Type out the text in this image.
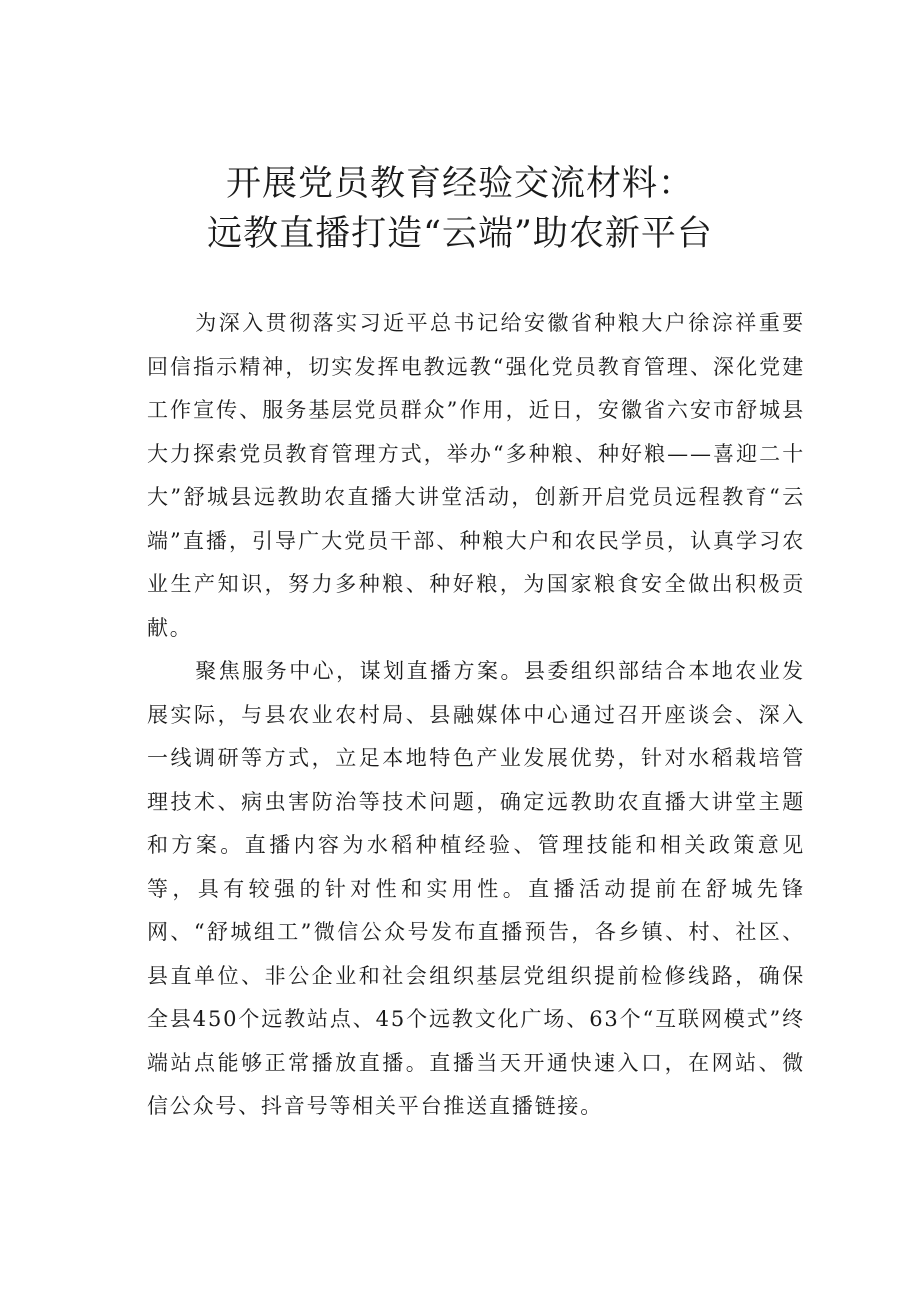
开展党员教育经验交流材料：
远教直播打造“云端”助农新平台

为深入贯彻落实习近平总书记给安徽省种粮大户徐淙祥重要回信指示精神，切实发挥电教远教“强化党员教育管理、深化党建工作宣传、服务基层党员群众”作用，近日，安徽省六安市舒城县大力探索党员教育管理方式，举办“多种粮、种好粮——喜迎二十大”舒城县远教助农直播大讲堂活动，创新开启党员远程教育“云端”直播，引导广大党员干部、种粮大户和农民学员，认真学习农业生产知识，努力多种粮、种好粮，为国家粮食安全做出积极贡献。

聚焦服务中心，谋划直播方案。县委组织部结合本地农业发展实际，与县农业农村局、县融媒体中心通过召开座谈会、深入一线调研等方式，立足本地特色产业发展优势，针对水稻栽培管理技术、病虫害防治等技术问题，确定远教助农直播大讲堂主题和方案。直播内容为水稻种植经验、管理技能和相关政策意见等，具有较强的针对性和实用性。直播活动提前在舒城先锋网、“舒城组工”微信公众号发布直播预告，各乡镇、村、社区、县直单位、非公企业和社会组织基层党组织提前检修线路，确保全县450个远教站点、45个远教文化广场、63个“互联网模式”终端站点能够正常播放直播。直播当天开通快速入口，在网站、微信公众号、抖音号等相关平台推送直播链接。
